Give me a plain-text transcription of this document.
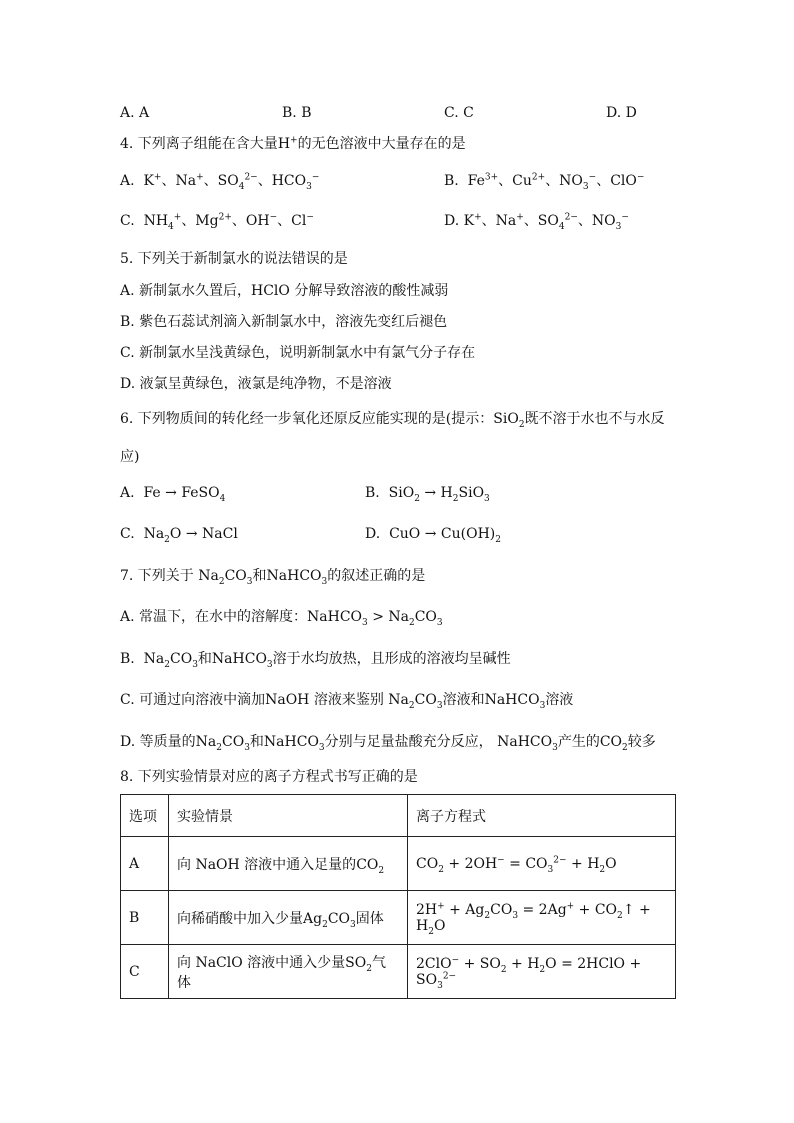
A. A	B. B	C. C	D. D
4. 下列离子组能在含大量H+的无色溶液中大量存在的是
A.  K+、Na+、$SO_4^{2-}$、$HCO_3^-$	B.  $Fe^{3+}$、$Cu^{2+}$、$NO_3^-$、ClO−
C.  $NH_4^+$、$Mg^{2+}$、OH−、Cl−	D. K+、Na+、$SO_4^{2-}$、$NO_3^-$
5. 下列关于新制氯水的说法错误的是
A. 新制氯水久置后，HClO 分解导致溶液的酸性减弱
B. 紫色石蕊试剂滴入新制氯水中，溶液先变红后褪色
C. 新制氯水呈浅黄绿色，说明新制氯水中有氯气分子存在
D. 液氯呈黄绿色，液氯是纯净物，不是溶液
6. 下列物质间的转化经一步氧化还原反应能实现的是(提示：SiO$_2$既不溶于水也不与水反
应)
A.  Fe → FeSO$_4$	B.  $SiO_2 \to H_2SiO_3$
C.  $Na_2O$ → NaCl	D.  CuO → $Cu(OH)_2$
7. 下列关于 $Na_2CO_3$和NaHCO$_3$的叙述正确的是
A. 常温下，在水中的溶解度：NaHCO$_3$ > $Na_2CO_3$
B.  $Na_2CO_3$和NaHCO$_3$溶于水均放热，且形成的溶液均呈碱性
C. 可通过向溶液中滴加NaOH 溶液来鉴别 $Na_2CO_3$溶液和NaHCO$_3$溶液
D. 等质量的$Na_2CO_3$和NaHCO$_3$分别与足量盐酸充分反应， NaHCO$_3$产生的$CO_2$较多
8. 下列实验情景对应的离子方程式书写正确的是
选项	实验情景	离子方程式
A	向 NaOH 溶液中通入足量的$CO_2$	$CO_2 + 2OH^- = CO_3^{2-} + H_2O$
B	向稀硝酸中加入少量$Ag_2CO_3$固体	$2H^+ + Ag_2CO_3 = 2Ag^+$ + $CO_2↑ + H_2O$
C	向 NaClO 溶液中通入少量$SO_2$气体	$2ClO^- + SO_2 + H_2O$ = 2HClO + $SO_3^{2-}$
